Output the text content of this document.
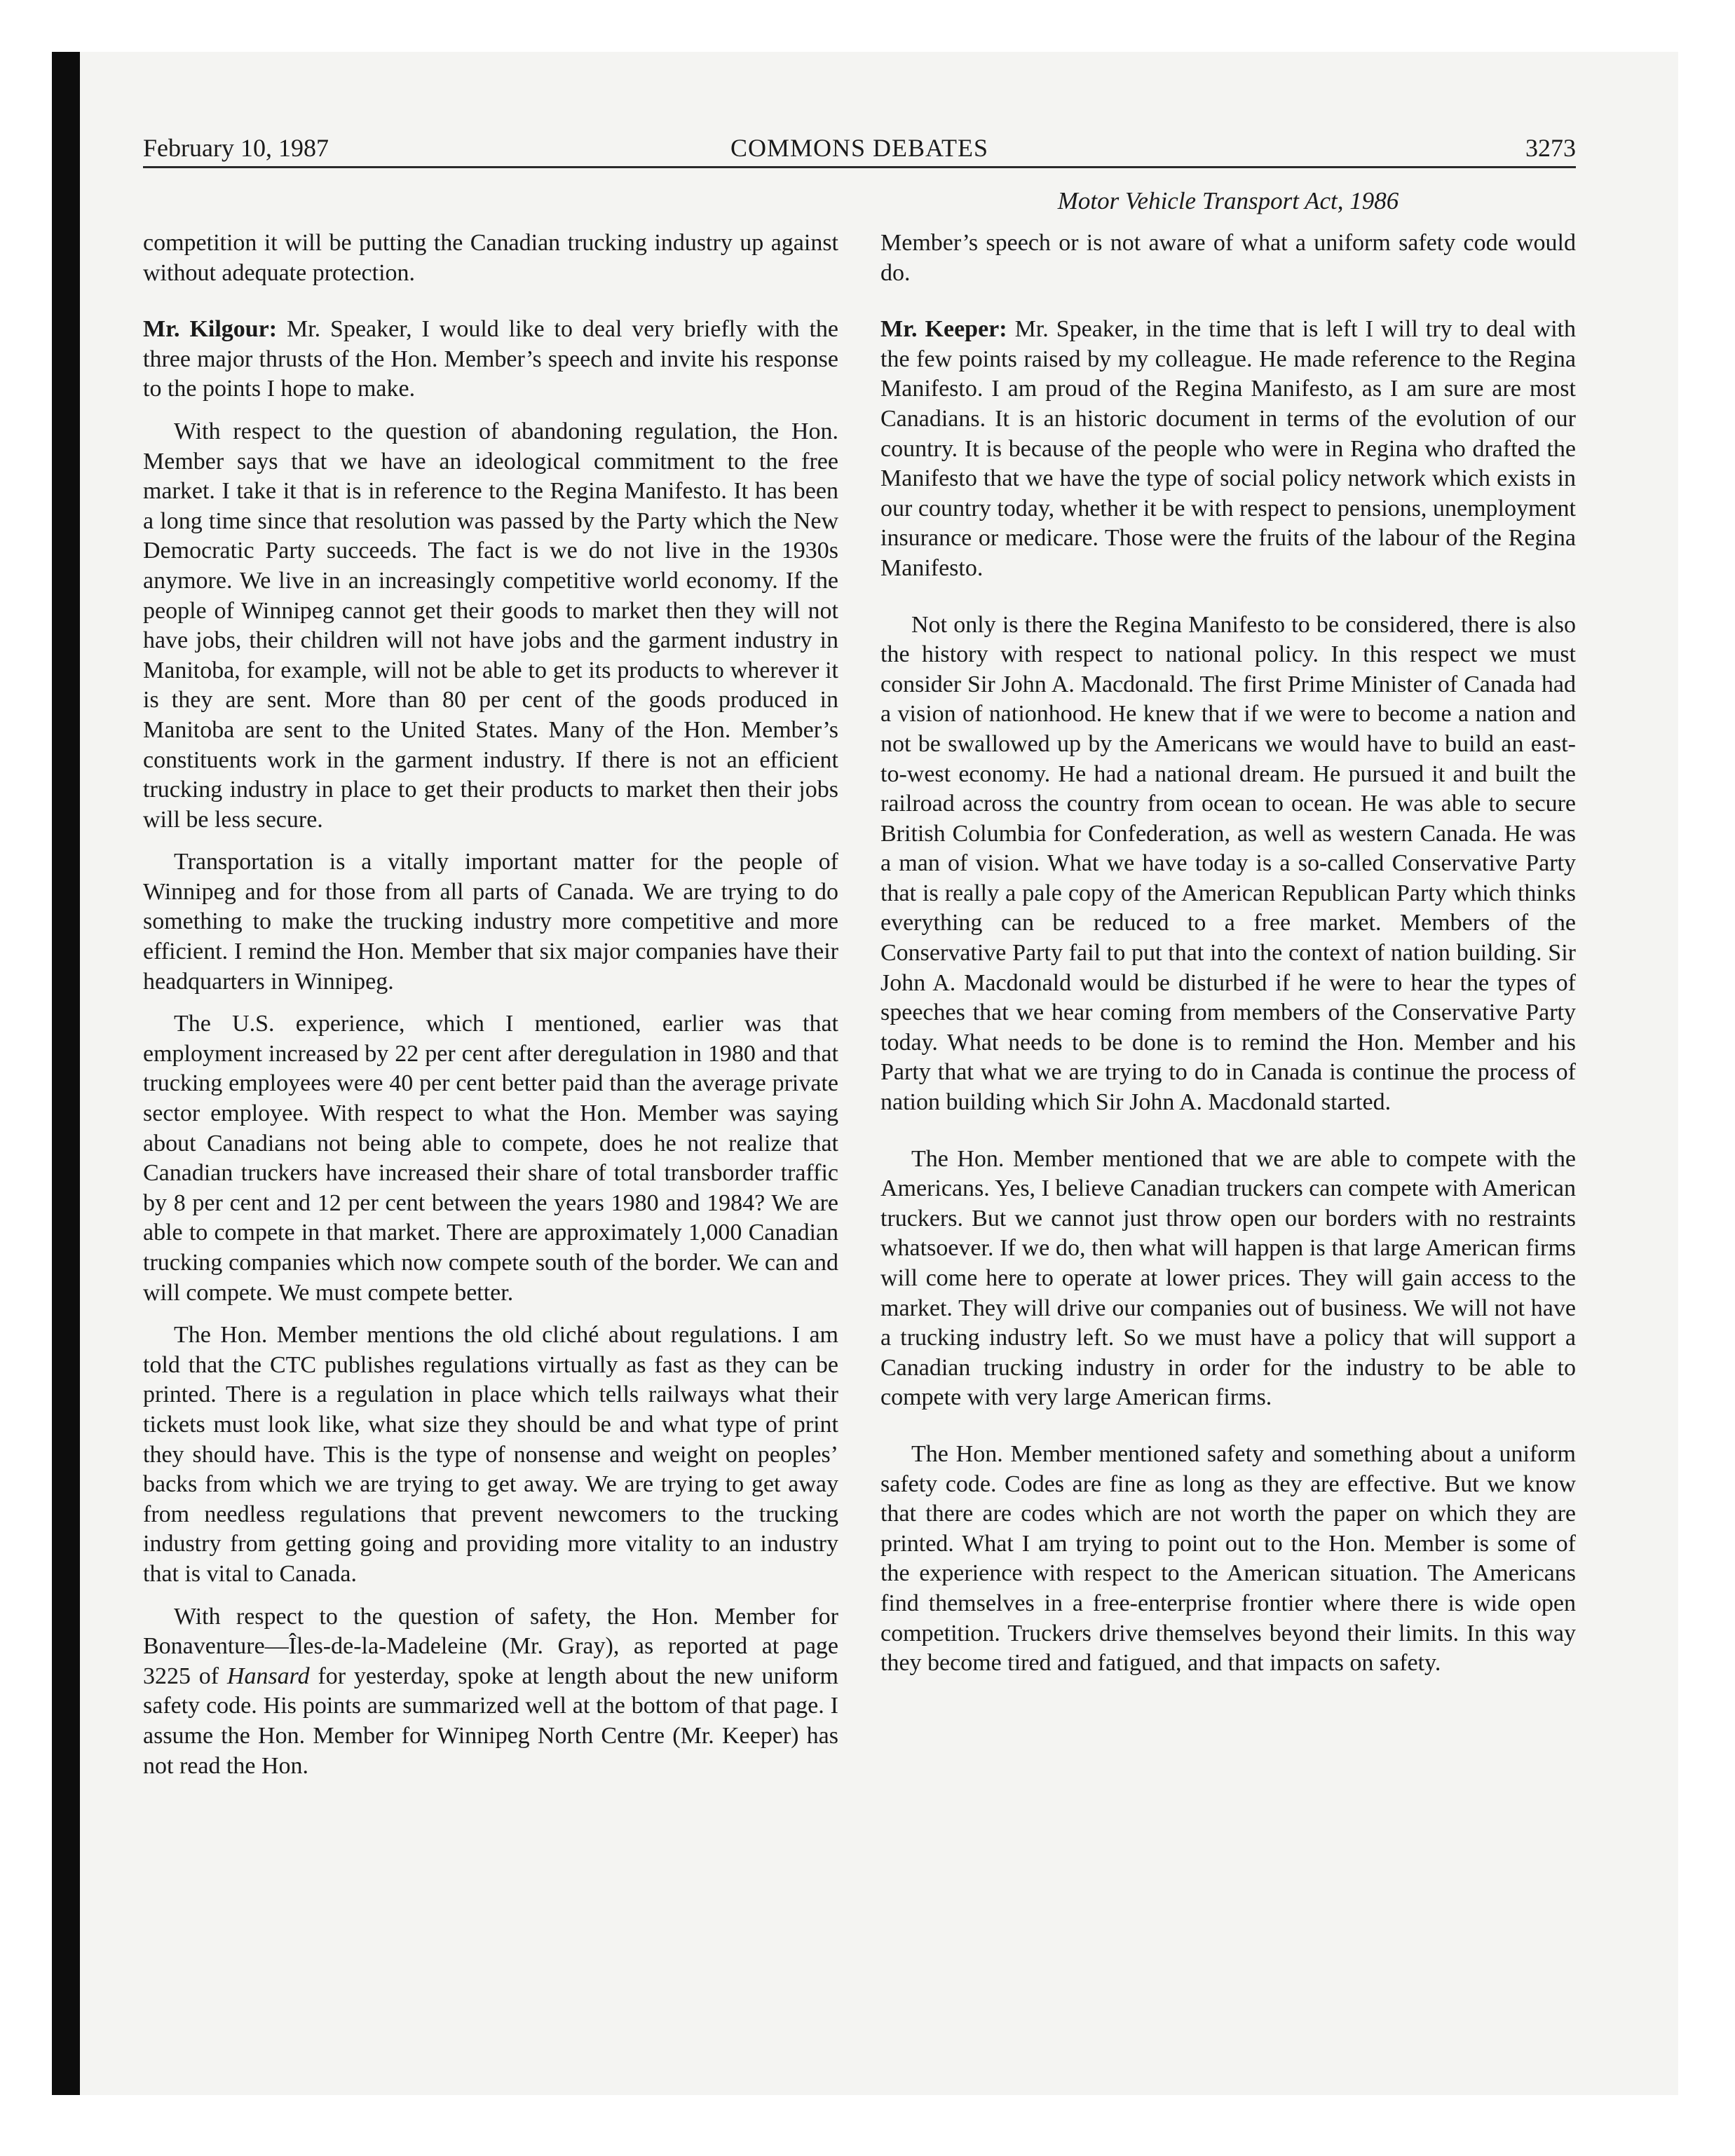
February 10, 1987	COMMONS DEBATES	3273
Motor Vehicle Transport Act, 1986

competition it will be putting the Canadian trucking industry up against without adequate protection.

Mr. Kilgour: Mr. Speaker, I would like to deal very briefly with the three major thrusts of the Hon. Member’s speech and invite his response to the points I hope to make.

With respect to the question of abandoning regulation, the Hon. Member says that we have an ideological commitment to the free market. I take it that is in reference to the Regina Manifesto. It has been a long time since that resolution was passed by the Party which the New Democratic Party succeeds. The fact is we do not live in the 1930s anymore. We live in an increasingly competitive world economy. If the people of Winnipeg cannot get their goods to market then they will not have jobs, their children will not have jobs and the garment industry in Manitoba, for example, will not be able to get its products to wherever it is they are sent. More than 80 per cent of the goods produced in Manitoba are sent to the United States. Many of the Hon. Member’s constituents work in the garment industry. If there is not an efficient trucking industry in place to get their products to market then their jobs will be less secure.

Transportation is a vitally important matter for the people of Winnipeg and for those from all parts of Canada. We are trying to do something to make the trucking industry more competitive and more efficient. I remind the Hon. Member that six major companies have their headquarters in Winnipeg.

The U.S. experience, which I mentioned, earlier was that employment increased by 22 per cent after deregulation in 1980 and that trucking employees were 40 per cent better paid than the average private sector employee. With respect to what the Hon. Member was saying about Canadians not being able to compete, does he not realize that Canadian truckers have increased their share of total transborder traffic by 8 per cent and 12 per cent between the years 1980 and 1984? We are able to compete in that market. There are approximately 1,000 Canadian trucking companies which now compete south of the border. We can and will compete. We must compete better.

The Hon. Member mentions the old cliché about regulations. I am told that the CTC publishes regulations virtually as fast as they can be printed. There is a regulation in place which tells railways what their tickets must look like, what size they should be and what type of print they should have. This is the type of nonsense and weight on peoples’ backs from which we are trying to get away. We are trying to get away from needless regulations that prevent newcomers to the trucking industry from getting going and providing more vitality to an industry that is vital to Canada.

With respect to the question of safety, the Hon. Member for Bonaventure—Îles-de-la-Madeleine (Mr. Gray), as reported at page 3225 of Hansard for yesterday, spoke at length about the new uniform safety code. His points are summarized well at the bottom of that page. I assume the Hon. Member for Winnipeg North Centre (Mr. Keeper) has not read the Hon.

Member’s speech or is not aware of what a uniform safety code would do.

Mr. Keeper: Mr. Speaker, in the time that is left I will try to deal with the few points raised by my colleague. He made reference to the Regina Manifesto. I am proud of the Regina Manifesto, as I am sure are most Canadians. It is an historic document in terms of the evolution of our country. It is because of the people who were in Regina who drafted the Manifesto that we have the type of social policy network which exists in our country today, whether it be with respect to pensions, unemployment insurance or medicare. Those were the fruits of the labour of the Regina Manifesto.

Not only is there the Regina Manifesto to be considered, there is also the history with respect to national policy. In this respect we must consider Sir John A. Macdonald. The first Prime Minister of Canada had a vision of nationhood. He knew that if we were to become a nation and not be swallowed up by the Americans we would have to build an east-to-west economy. He had a national dream. He pursued it and built the railroad across the country from ocean to ocean. He was able to secure British Columbia for Confederation, as well as western Canada. He was a man of vision. What we have today is a so-called Conservative Party that is really a pale copy of the American Republican Party which thinks everything can be reduced to a free market. Members of the Conservative Party fail to put that into the context of nation building. Sir John A. Macdonald would be disturbed if he were to hear the types of speeches that we hear coming from members of the Conservative Party today. What needs to be done is to remind the Hon. Member and his Party that what we are trying to do in Canada is continue the process of nation building which Sir John A. Macdonald started.

The Hon. Member mentioned that we are able to compete with the Americans. Yes, I believe Canadian truckers can compete with American truckers. But we cannot just throw open our borders with no restraints whatsoever. If we do, then what will happen is that large American firms will come here to operate at lower prices. They will gain access to the market. They will drive our companies out of business. We will not have a trucking industry left. So we must have a policy that will support a Canadian trucking industry in order for the industry to be able to compete with very large American firms.

The Hon. Member mentioned safety and something about a uniform safety code. Codes are fine as long as they are effective. But we know that there are codes which are not worth the paper on which they are printed. What I am trying to point out to the Hon. Member is some of the experience with respect to the American situation. The Americans find themselves in a free-enterprise frontier where there is wide open competition. Truckers drive themselves beyond their limits. In this way they become tired and fatigued, and that impacts on safety.
